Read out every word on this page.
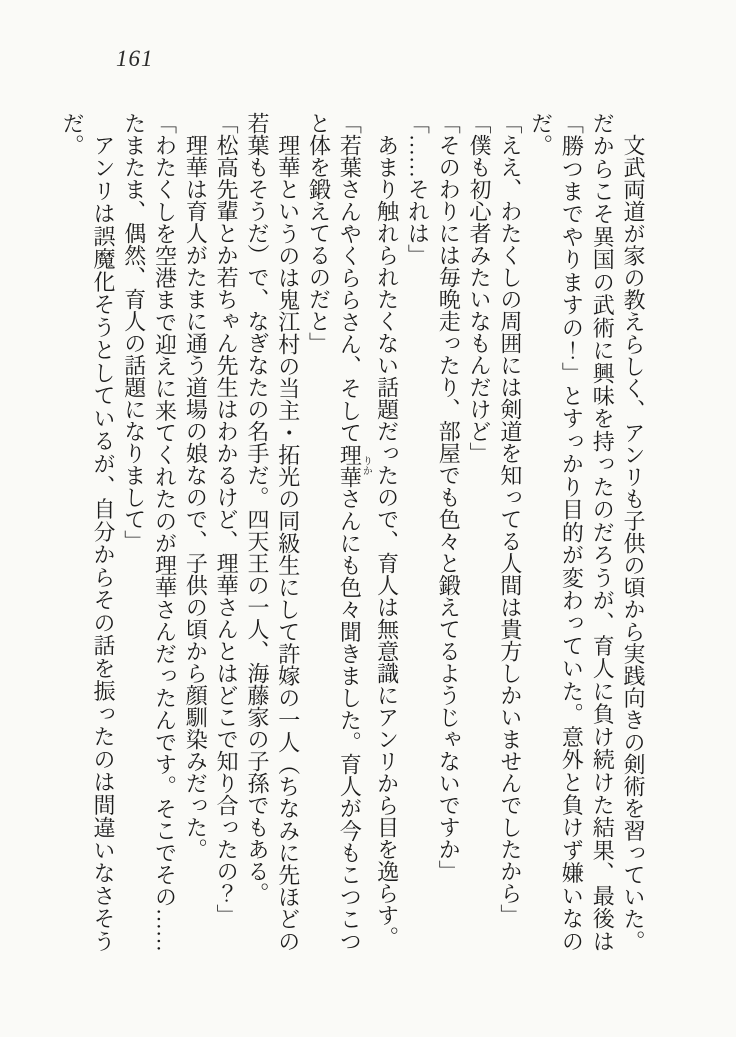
161

文武両道が家の教えらしく、アンリも子供の頃から実践向きの剣術を習っていた。だからこそ異国の武術に興味を持ったのだろうが、育人に負け続けた結果、最後は「勝つまでやりますの！」とすっかり目的が変わっていた。意外と負けず嫌いなのだ。

「ええ、わたくしの周囲には剣道を知ってる人間は貴方しかいませんでしたから」

「僕も初心者みたいなもんだけど」

「そのわりには毎晩走ったり、部屋でも色々と鍛えてるようじゃないですか」

「……それは」

あまり触れられたくない話題だったので、育人は無意識にアンリから目を逸らす。

「若葉さんやくららさん、そして理華りかさんにも色々聞きました。育人が今もこつこつと体を鍛えてるのだと」

理華というのは鬼江村の当主・拓光の同級生にして許嫁の一人（ちなみに先ほどの若葉もそうだ）で、なぎなたの名手だ。四天王の一人、海藤家の子孫でもある。

「松高先輩とか若ちゃん先生はわかるけど、理華さんとはどこで知り合ったの？」

理華は育人がたまに通う道場の娘なので、子供の頃から顔馴染みだった。

「わたくしを空港まで迎えに来てくれたのが理華さんだったんです。そこでその……たまたま、偶然、育人の話題になりまして」

アンリは誤魔化そうとしているが、自分からその話を振ったのは間違いなさそうだ。
